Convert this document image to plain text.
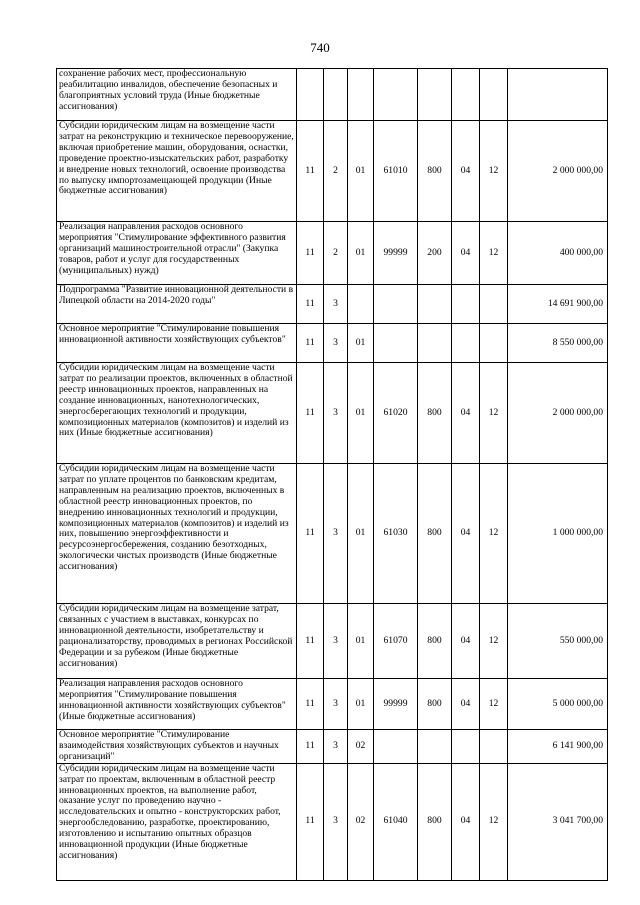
740
сохранение рабочих мест, профессиональную реабилитацию инвалидов, обеспечение безопасных и благоприятных условий труда (Иные бюджетные ассигнования)								
Субсидии юридическим лицам на возмещение части затрат на реконструкцию и техническое перевооружение, включая приобретение машин, оборудования, оснастки, проведение проектно-изыскательских работ, разработку и внедрение новых технологий, освоение производства по выпуску импортозамещающей продукции (Иные бюджетные ассигнования)	11	2	01	61010	800	04	12	2 000 000,00
Реализация направления расходов основного мероприятия "Стимулирование эффективного развития организаций машиностроительной отрасли" (Закупка товаров, работ и услуг для государственных (муниципальных) нужд)	11	2	01	99999	200	04	12	400 000,00
Подпрограмма "Развитие инновационной деятельности в Липецкой области на 2014-2020 годы"	11	3						14 691 900,00
Основное мероприятие "Стимулирование повышения инновационной активности хозяйствующих субъектов"	11	3	01					8 550 000,00
Субсидии юридическим лицам на возмещение части затрат по реализации проектов, включенных в областной реестр инновационных проектов, направленных на создание инновационных, нанотехнологических, энергосберегающих технологий и продукции, композиционных материалов (композитов) и изделий из них (Иные бюджетные ассигнования)	11	3	01	61020	800	04	12	2 000 000,00
Субсидии юридическим лицам на возмещение части затрат по уплате процентов по банковским кредитам, направленным на реализацию проектов, включенных в областной реестр инновационных проектов, по внедрению инновационных технологий и продукции, композиционных материалов (композитов) и изделий из них, повышению энергоэффективности и ресурсоэнергосбережения, созданию безотходных, экологически чистых производств (Иные бюджетные ассигнования)	11	3	01	61030	800	04	12	1 000 000,00
Субсидии юридическим лицам на возмещение затрат, связанных с участием в выставках, конкурсах по инновационной деятельности, изобретательству и рационализаторству, проводимых в регионах Российской Федерации и за рубежом (Иные бюджетные ассигнования)	11	3	01	61070	800	04	12	550 000,00
Реализация направления расходов основного мероприятия "Стимулирование повышения инновационной активности хозяйствующих субъектов" (Иные бюджетные ассигнования)	11	3	01	99999	800	04	12	5 000 000,00
Основное мероприятие "Стимулирование взаимодействия хозяйствующих субъектов и научных организаций"	11	3	02					6 141 900,00
Субсидии юридическим лицам на возмещение части затрат по проектам, включенным в областной реестр инновационных проектов, на выполнение работ, оказание услуг по проведению научно - исследовательских и опытно - конструкторских работ, энергообследованию, разработке, проектированию, изготовлению и испытанию опытных образцов инновационной продукции (Иные бюджетные ассигнования)	11	3	02	61040	800	04	12	3 041 700,00
